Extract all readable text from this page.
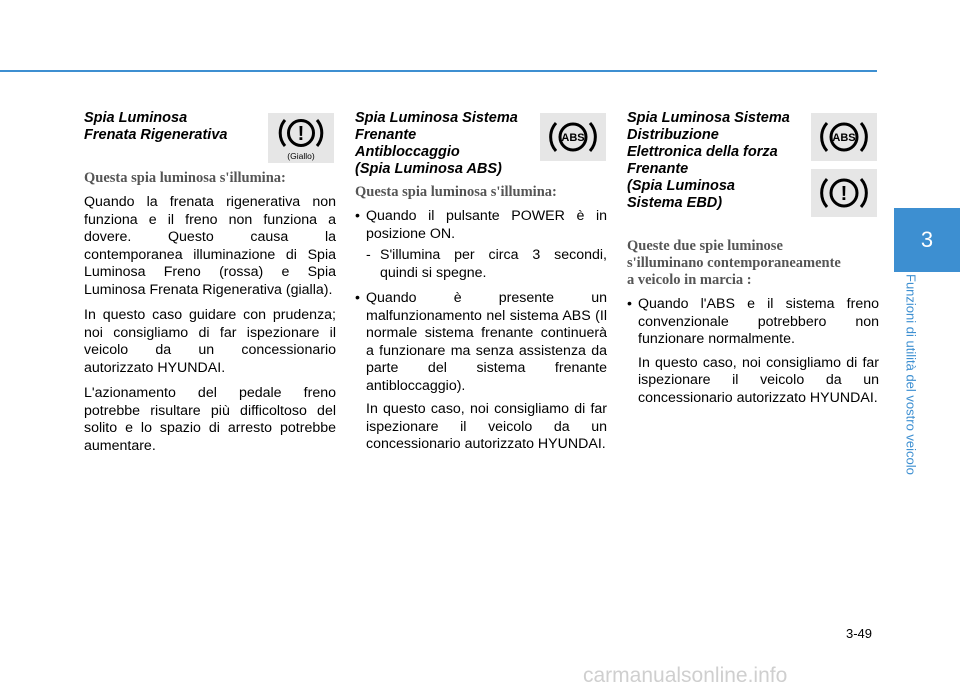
3
Funzioni di utilità del vostro veicolo
Spia Luminosa
Frenata Rigenerativa
Questa spia luminosa s'illumina:

Quando la frenata rigenerativa non funziona e il freno non funziona a dovere. Questo causa la contemporanea illuminazione di Spia Luminosa Freno (rossa) e Spia Luminosa Frenata Rigenerativa (gialla).

In questo caso guidare con prudenza; noi consigliamo di far ispezionare il veicolo da un concessionario autorizzato HYUNDAI.

L'azionamento del pedale freno potrebbe risultare più difficoltoso del solito e lo spazio di arresto potrebbe aumentare.

!
(Giallo)
Spia Luminosa Sistema
Frenante
Antibloccaggio
(Spia Luminosa ABS)
Questa spia luminosa s'illumina:
• Quando il pulsante POWER è in posizione ON.
- S'illumina per circa 3 secondi, quindi si spegne.
• Quando è presente un malfunzionamento nel sistema ABS (Il normale sistema frenante continuerà a funzionare ma senza assistenza da parte del sistema frenante antibloccaggio).

In questo caso, noi consigliamo di far ispezionare il veicolo da un concessionario autorizzato HYUNDAI.

ABS
Spia Luminosa Sistema
Distribuzione
Elettronica della forza
Frenante
(Spia Luminosa
Sistema EBD)
Queste due spie luminose
s'illuminano contemporaneamente
a veicolo in marcia :
• Quando l'ABS e il sistema freno convenzionale potrebbero non funzionare normalmente.

In questo caso, noi consigliamo di far ispezionare il veicolo da un concessionario autorizzato HYUNDAI.

ABS
!
3-49
carmanualsonline.info
